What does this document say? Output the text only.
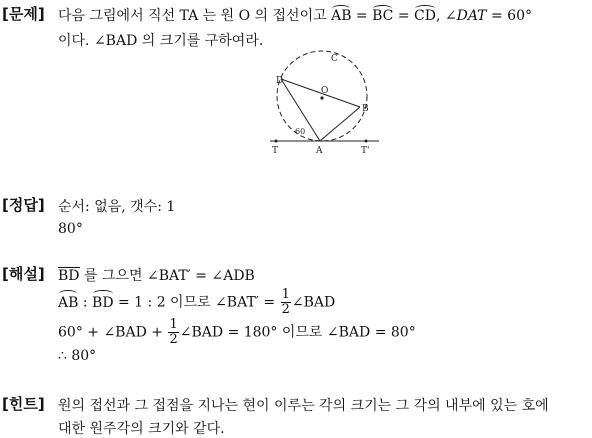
[문제] 다음 그림에서 직선 TA 는 원 O 의 접선이고 AB = BC = CD, ∠DAT = 60°
이다. ∠BAD 의 크기를 구하여라.
C
D
O
B
60
T	A	T'
[정답] 순서: 없음, 갯수: 1
80°
[해설] BD 를 그으면 ∠BAT′ = ∠ADB
AB : BD = 1 : 2 이므로 ∠BAT′ = $\frac{1}{2}$ ∠BAD
60° + ∠BAD + $\frac{1}{2}$ ∠BAD = 180° 이므로 ∠BAD = 80°
∴ 80°
[힌트] 원의 접선과 그 접점을 지나는 현이 이루는 각의 크기는 그 각의 내부에 있는 호에
대한 원주각의 크기와 같다.
